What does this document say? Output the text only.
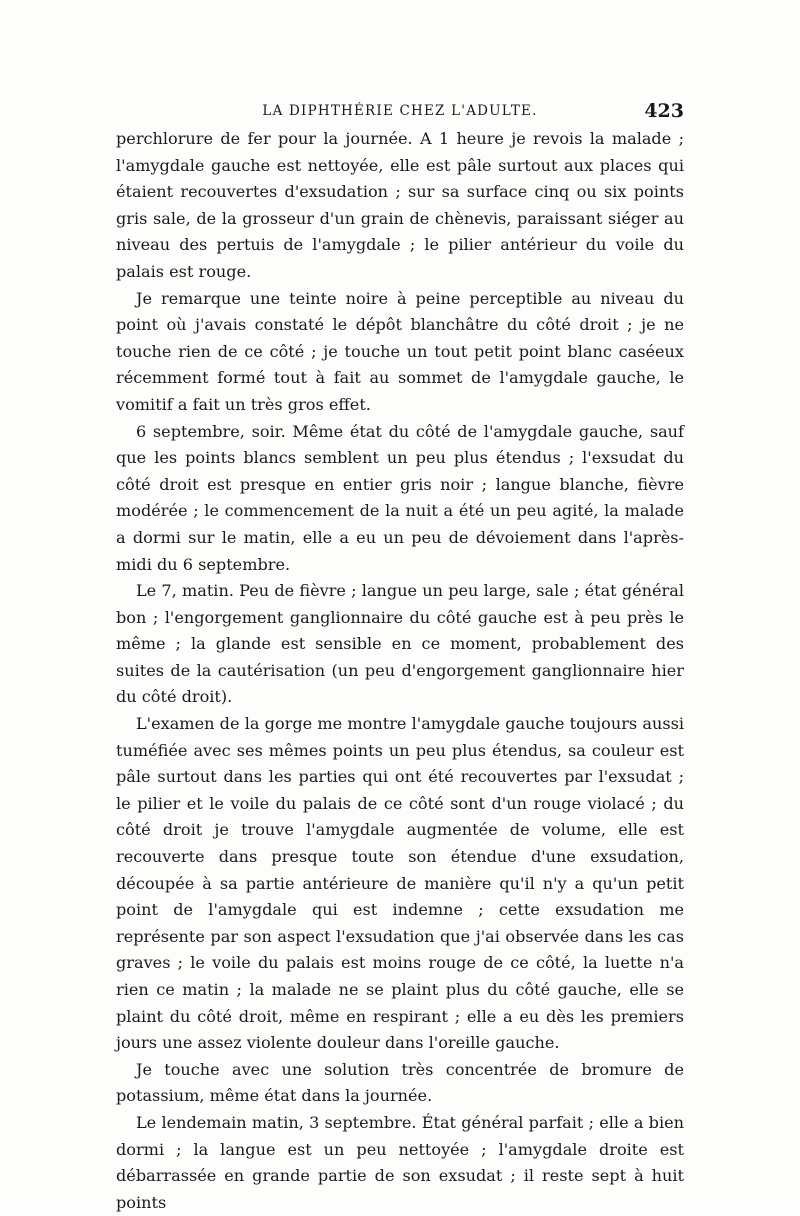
LA DIPHTHÉRIE CHEZ L'ADULTE.	423

perchlorure de fer pour la journée. A 1 heure je revois la malade ; l'amygdale gauche est nettoyée, elle est pâle surtout aux places qui étaient recouvertes d'exsudation ; sur sa surface cinq ou six points gris sale, de la grosseur d'un grain de chènevis, paraissant siéger au niveau des pertuis de l'amygdale ; le pilier antérieur du voile du palais est rouge.

Je remarque une teinte noire à peine perceptible au niveau du point où j'avais constaté le dépôt blanchâtre du côté droit ; je ne touche rien de ce côté ; je touche un tout petit point blanc caséeux récemment formé tout à fait au sommet de l'amygdale gauche, le vomitif a fait un très gros effet.

6 septembre, soir. Même état du côté de l'amygdale gauche, sauf que les points blancs semblent un peu plus étendus ; l'exsudat du côté droit est presque en entier gris noir ; langue blanche, fièvre modérée ; le commencement de la nuit a été un peu agité, la malade a dormi sur le matin, elle a eu un peu de dévoiement dans l'après-midi du 6 septembre.

Le 7, matin. Peu de fièvre ; langue un peu large, sale ; état général bon ; l'engorgement ganglionnaire du côté gauche est à peu près le même ; la glande est sensible en ce moment, probablement des suites de la cautérisation (un peu d'engorgement ganglionnaire hier du côté droit).

L'examen de la gorge me montre l'amygdale gauche toujours aussi tuméfiée avec ses mêmes points un peu plus étendus, sa couleur est pâle surtout dans les parties qui ont été recouvertes par l'exsudat ; le pilier et le voile du palais de ce côté sont d'un rouge violacé ; du côté droit je trouve l'amygdale augmentée de volume, elle est recouverte dans presque toute son étendue d'une exsudation, découpée à sa partie antérieure de manière qu'il n'y a qu'un petit point de l'amygdale qui est indemne ; cette exsudation me représente par son aspect l'exsudation que j'ai observée dans les cas graves ; le voile du palais est moins rouge de ce côté, la luette n'a rien ce matin ; la malade ne se plaint plus du côté gauche, elle se plaint du côté droit, même en respirant ; elle a eu dès les premiers jours une assez violente douleur dans l'oreille gauche.

Je touche avec une solution très concentrée de bromure de potassium, même état dans la journée.

Le lendemain matin, 3 septembre. État général parfait ; elle a bien dormi ; la langue est un peu nettoyée ; l'amygdale droite est débarrassée en grande partie de son exsudat ; il reste sept à huit points
